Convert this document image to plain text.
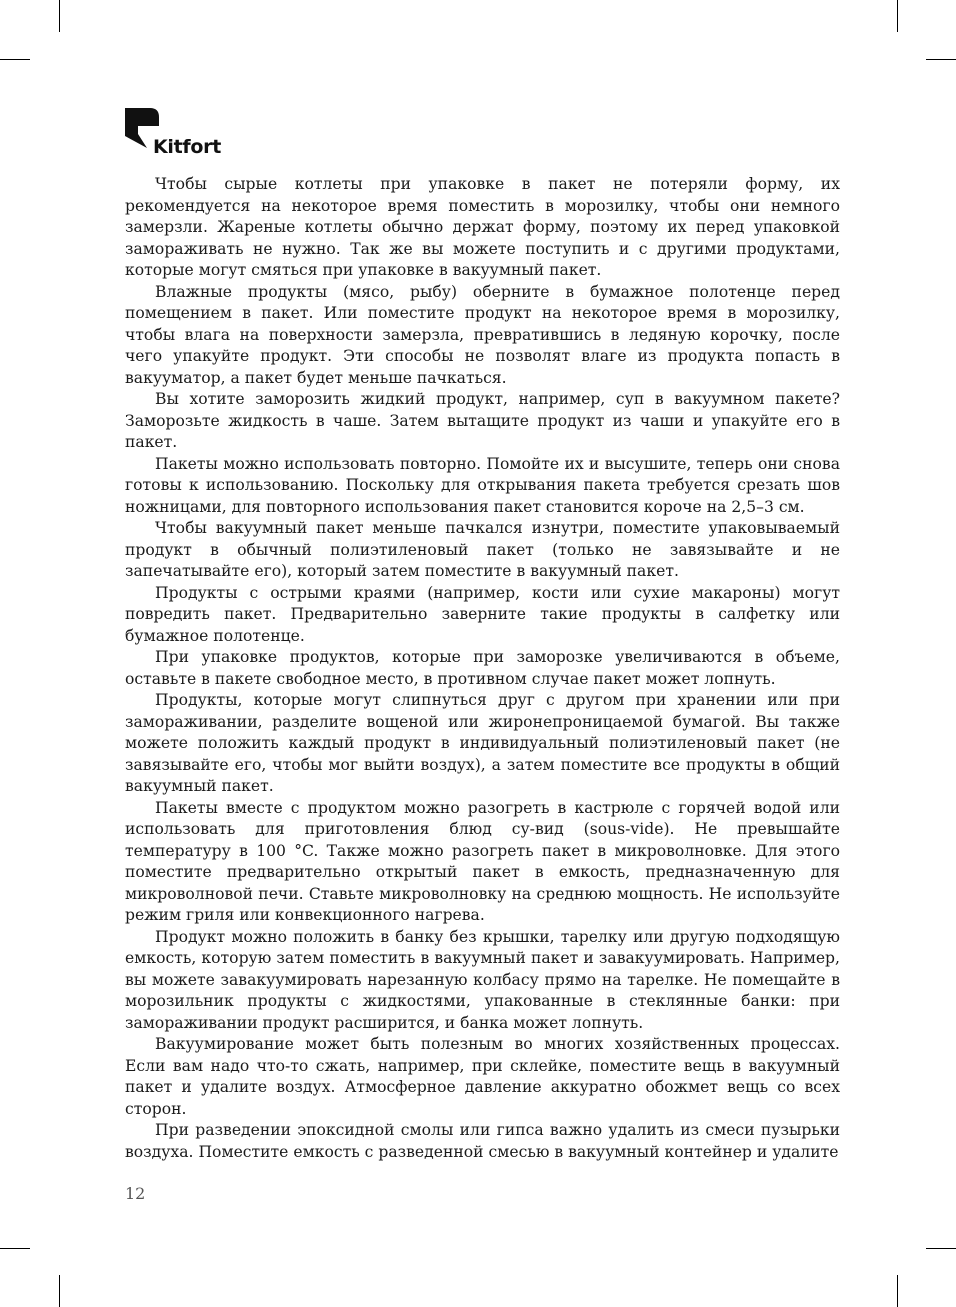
Kitfort

Чтобы сырые котлеты при упаковке в пакет не потеряли форму, их рекомендуется на некоторое время поместить в морозилку, чтобы они немного замерзли. Жареные котлеты обычно держат форму, поэтому их перед упаковкой замораживать не нужно. Так же вы можете поступить и с другими продуктами, которые могут смяться при упаковке в вакуумный пакет.

Влажные продукты (мясо, рыбу) оберните в бумажное полотенце перед помещением в пакет. Или поместите продукт на некоторое время в морозилку, чтобы влага на поверхности замерзла, превратившись в ледяную корочку, после чего упакуйте продукт. Эти способы не позволят влаге из продукта попасть в вакууматор, а пакет будет меньше пачкаться.

Вы хотите заморозить жидкий продукт, например, суп в вакуумном пакете? Заморозьте жидкость в чаше. Затем вытащите продукт из чаши и упакуйте его в пакет.

Пакеты можно использовать повторно. Помойте их и высушите, теперь они снова готовы к использованию. Поскольку для открывания пакета требуется срезать шов ножницами, для повторного использования пакет становится короче на 2,5–3 см.

Чтобы вакуумный пакет меньше пачкался изнутри, поместите упаковываемый продукт в обычный полиэтиленовый пакет (только не завязывайте и не запечатывайте его), который затем поместите в вакуумный пакет.

Продукты с острыми краями (например, кости или сухие макароны) могут повредить пакет. Предварительно заверните такие продукты в салфетку или бумажное полотенце.

При упаковке продуктов, которые при заморозке увеличиваются в объеме, оставьте в пакете свободное место, в противном случае пакет может лопнуть.

Продукты, которые могут слипнуться друг с другом при хранении или при замораживании, разделите вощеной или жиронепроницаемой бумагой. Вы также можете положить каждый продукт в индивидуальный полиэтиленовый пакет (не завязывайте его, чтобы мог выйти воздух), а затем поместите все продукты в общий вакуумный пакет.

Пакеты вместе с продуктом можно разогреть в кастрюле с горячей водой или использовать для приготовления блюд су-вид (sous-vide). Не превышайте температуру в 100 °C. Также можно разогреть пакет в микроволновке. Для этого поместите предварительно открытый пакет в емкость, предназначенную для микроволновой печи. Ставьте микроволновку на среднюю мощность. Не используйте режим гриля или конвекционного нагрева.

Продукт можно положить в банку без крышки, тарелку или другую подходящую емкость, которую затем поместить в вакуумный пакет и завакуумировать. Например, вы можете завакуумировать нарезанную колбасу прямо на тарелке. Не помещайте в морозильник продукты с жидкостями, упакованные в стеклянные банки: при замораживании продукт расширится, и банка может лопнуть.

Вакуумирование может быть полезным во многих хозяйственных процессах. Если вам надо что-то сжать, например, при склейке, поместите вещь в вакуумный пакет и удалите воздух. Атмосферное давление аккуратно обожмет вещь со всех сторон.

При разведении эпоксидной смолы или гипса важно удалить из смеси пузырьки воздуха. Поместите емкость с разведенной смесью в вакуумный контейнер и удалите

12
